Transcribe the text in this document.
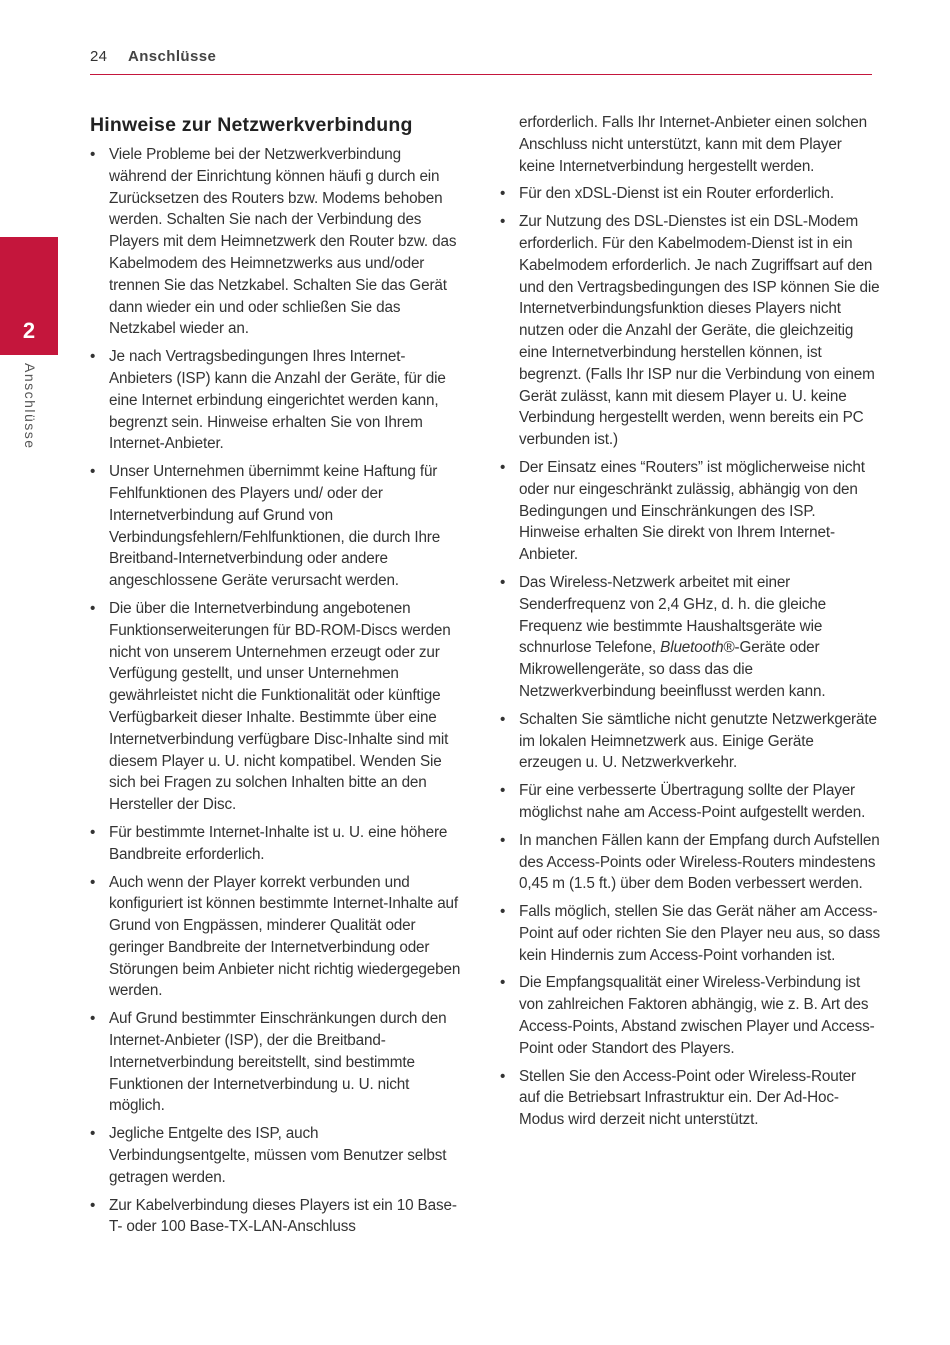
24 Anschlüsse
2
Anschlüsse
Hinweise zur Netzwerkverbindung
• Viele Probleme bei der Netzwerkverbindung während der Einrichtung können häufi g durch ein Zurücksetzen des Routers bzw. Modems behoben werden. Schalten Sie nach der Verbindung des Players mit dem Heimnetzwerk den Router bzw. das Kabelmodem des Heimnetzwerks aus und/oder trennen Sie das Netzkabel. Schalten Sie das Gerät dann wieder ein und oder schließen Sie das Netzkabel wieder an.
• Je nach Vertragsbedingungen Ihres Internet-Anbieters (ISP) kann die Anzahl der Geräte, für die eine Internet erbindung eingerichtet werden kann, begrenzt sein. Hinweise erhalten Sie von Ihrem Internet-Anbieter.
• Unser Unternehmen übernimmt keine Haftung für Fehlfunktionen des Players und/ oder der Internetverbindung auf Grund von Verbindungsfehlern/Fehlfunktionen, die durch Ihre Breitband-Internetverbindung oder andere angeschlossene Geräte verursacht werden.
• Die über die Internetverbindung angebotenen Funktionserweiterungen für BD-ROM-Discs werden nicht von unserem Unternehmen erzeugt oder zur Verfügung gestellt, und unser Unternehmen gewährleistet nicht die Funktionalität oder künftige Verfügbarkeit dieser Inhalte. Bestimmte über eine Internetverbindung verfügbare Disc-Inhalte sind mit diesem Player u. U. nicht kompatibel. Wenden Sie sich bei Fragen zu solchen Inhalten bitte an den Hersteller der Disc.
• Für bestimmte Internet-Inhalte ist u. U. eine höhere Bandbreite erforderlich.
• Auch wenn der Player korrekt verbunden und konfiguriert ist können bestimmte Internet-Inhalte auf Grund von Engpässen, minderer Qualität oder geringer Bandbreite der Internetverbindung oder Störungen beim Anbieter nicht richtig wiedergegeben werden.
• Auf Grund bestimmter Einschränkungen durch den Internet-Anbieter (ISP), der die Breitband-Internetverbindung bereitstellt, sind bestimmte Funktionen der Internetverbindung u. U. nicht möglich.
• Jegliche Entgelte des ISP, auch Verbindungsentgelte, müssen vom Benutzer selbst getragen werden.
• Zur Kabelverbindung dieses Players ist ein 10 Base-T- oder 100 Base-TX-LAN-Anschluss
erforderlich. Falls Ihr Internet-Anbieter einen solchen Anschluss nicht unterstützt, kann mit dem Player keine Internetverbindung hergestellt werden.
• Für den xDSL-Dienst ist ein Router erforderlich.
• Zur Nutzung des DSL-Dienstes ist ein DSL-Modem erforderlich. Für den Kabelmodem-Dienst ist in ein Kabelmodem erforderlich. Je nach Zugriffsart auf den und den Vertragsbedingungen des ISP können Sie die Internetverbindungsfunktion dieses Players nicht nutzen oder die Anzahl der Geräte, die gleichzeitig eine Internetverbindung herstellen können, ist begrenzt. (Falls Ihr ISP nur die Verbindung von einem Gerät zulässt, kann mit diesem Player u. U. keine Verbindung hergestellt werden, wenn bereits ein PC verbunden ist.)
• Der Einsatz eines “Routers” ist möglicherweise nicht oder nur eingeschränkt zulässig, abhängig von den Bedingungen und Einschränkungen des ISP. Hinweise erhalten Sie direkt von Ihrem Internet-Anbieter.
• Das Wireless-Netzwerk arbeitet mit einer Senderfrequenz von 2,4 GHz, d. h. die gleiche Frequenz wie bestimmte Haushaltsgeräte wie schnurlose Telefone, Bluetooth®-Geräte oder Mikrowellengeräte, so dass das die Netzwerkverbindung beeinflusst werden kann.
• Schalten Sie sämtliche nicht genutzte Netzwerkgeräte im lokalen Heimnetzwerk aus. Einige Geräte erzeugen u. U. Netzwerkverkehr.
• Für eine verbesserte Übertragung sollte der Player möglichst nahe am Access-Point aufgestellt werden.
• In manchen Fällen kann der Empfang durch Aufstellen des Access-Points oder Wireless-Routers mindestens 0,45 m (1.5 ft.) über dem Boden verbessert werden.
• Falls möglich, stellen Sie das Gerät näher am Access-Point auf oder richten Sie den Player neu aus, so dass kein Hindernis zum Access-Point vorhanden ist.
• Die Empfangsqualität einer Wireless-Verbindung ist von zahlreichen Faktoren abhängig, wie z. B. Art des Access-Points, Abstand zwischen Player und Access-Point oder Standort des Players.
• Stellen Sie den Access-Point oder Wireless-Router auf die Betriebsart Infrastruktur ein. Der Ad-Hoc-Modus wird derzeit nicht unterstützt.
